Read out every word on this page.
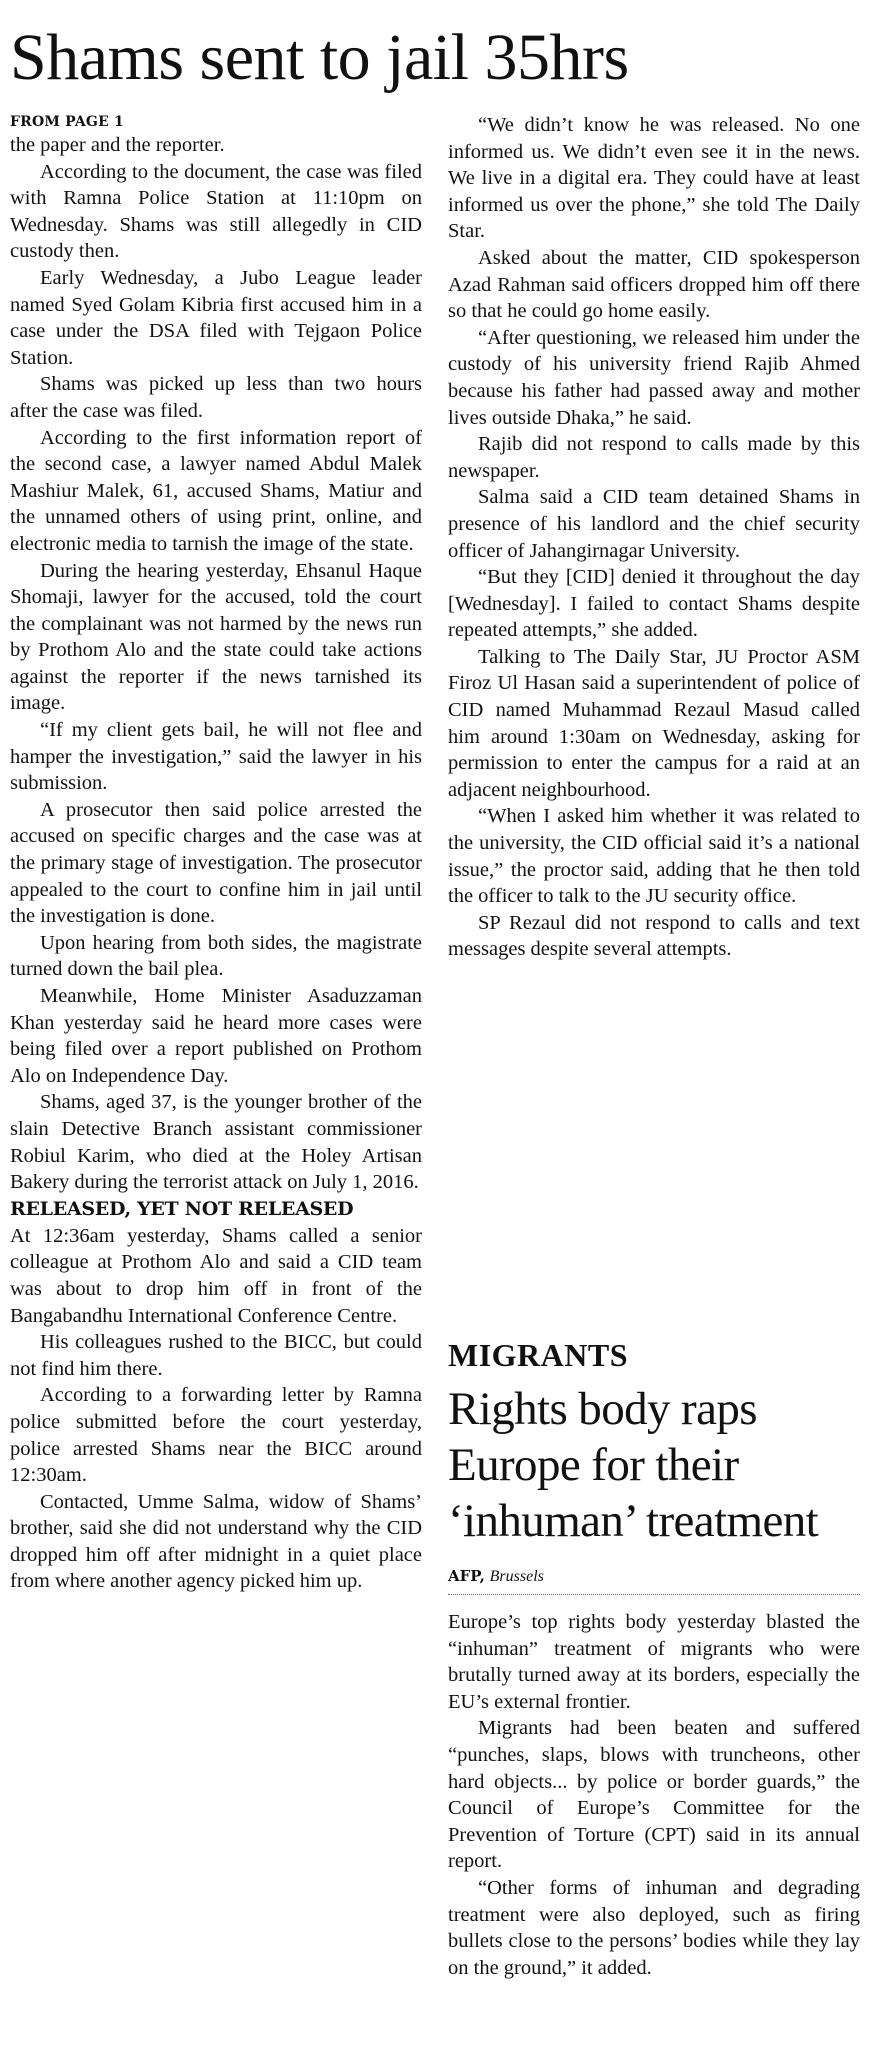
Shams sent to jail 35hrs
FROM PAGE 1

the paper and the reporter.

According to the document, the case was filed with Ramna Police Station at 11:10pm on Wednesday. Shams was still allegedly in CID custody then.

Early Wednesday, a Jubo League leader named Syed Golam Kibria first accused him in a case under the DSA filed with Tejgaon Police Station.

Shams was picked up less than two hours after the case was filed.

According to the first information report of the second case, a lawyer named Abdul Malek Mashiur Malek, 61, accused Shams, Matiur and the unnamed others of using print, online, and electronic media to tarnish the image of the state.

During the hearing yesterday, Ehsanul Haque Shomaji, lawyer for the accused, told the court the complainant was not harmed by the news run by Prothom Alo and the state could take actions against the reporter if the news tarnished its image.

“If my client gets bail, he will not flee and hamper the investigation,” said the lawyer in his submission.

A prosecutor then said police arrested the accused on specific charges and the case was at the primary stage of investigation. The prosecutor appealed to the court to confine him in jail until the investigation is done.

Upon hearing from both sides, the magistrate turned down the bail plea.

Meanwhile, Home Minister Asaduzzaman Khan yesterday said he heard more cases were being filed over a report published on Prothom Alo on Independence Day.

Shams, aged 37, is the younger brother of the slain Detective Branch assistant commissioner Robiul Karim, who died at the Holey Artisan Bakery during the terrorist attack on July 1, 2016.

RELEASED, YET NOT RELEASED

At 12:36am yesterday, Shams called a senior colleague at Prothom Alo and said a CID team was about to drop him off in front of the Bangabandhu International Conference Centre.

His colleagues rushed to the BICC, but could not find him there.

According to a forwarding letter by Ramna police submitted before the court yesterday, police arrested Shams near the BICC around 12:30am.

Contacted, Umme Salma, widow of Shams’ brother, said she did not understand why the CID dropped him off after midnight in a quiet place from where another agency picked him up.

“We didn’t know he was released. No one informed us. We didn’t even see it in the news. We live in a digital era. They could have at least informed us over the phone,” she told The Daily Star.

Asked about the matter, CID spokesperson Azad Rahman said officers dropped him off there so that he could go home easily.

“After questioning, we released him under the custody of his university friend Rajib Ahmed because his father had passed away and mother lives outside Dhaka,” he said.

Rajib did not respond to calls made by this newspaper.

Salma said a CID team detained Shams in presence of his landlord and the chief security officer of Jahangirnagar University.

“But they [CID] denied it throughout the day [Wednesday]. I failed to contact Shams despite repeated attempts,” she added.

Talking to The Daily Star, JU Proctor ASM Firoz Ul Hasan said a superintendent of police of CID named Muhammad Rezaul Masud called him around 1:30am on Wednesday, asking for permission to enter the campus for a raid at an adjacent neighbourhood.

“When I asked him whether it was related to the university, the CID official said it’s a national issue,” the proctor said, adding that he then told the officer to talk to the JU security office.

SP Rezaul did not respond to calls and text messages despite several attempts.

MIGRANTS
Rights body raps Europe for their ‘inhuman’ treatment
AFP, Brussels

Europe’s top rights body yesterday blasted the “inhuman” treatment of migrants who were brutally turned away at its borders, especially the EU’s external frontier.

Migrants had been beaten and suffered “punches, slaps, blows with truncheons, other hard objects... by police or border guards,” the Council of Europe’s Committee for the Prevention of Torture (CPT) said in its annual report.

“Other forms of inhuman and degrading treatment were also deployed, such as firing bullets close to the persons’ bodies while they lay on the ground,” it added.
